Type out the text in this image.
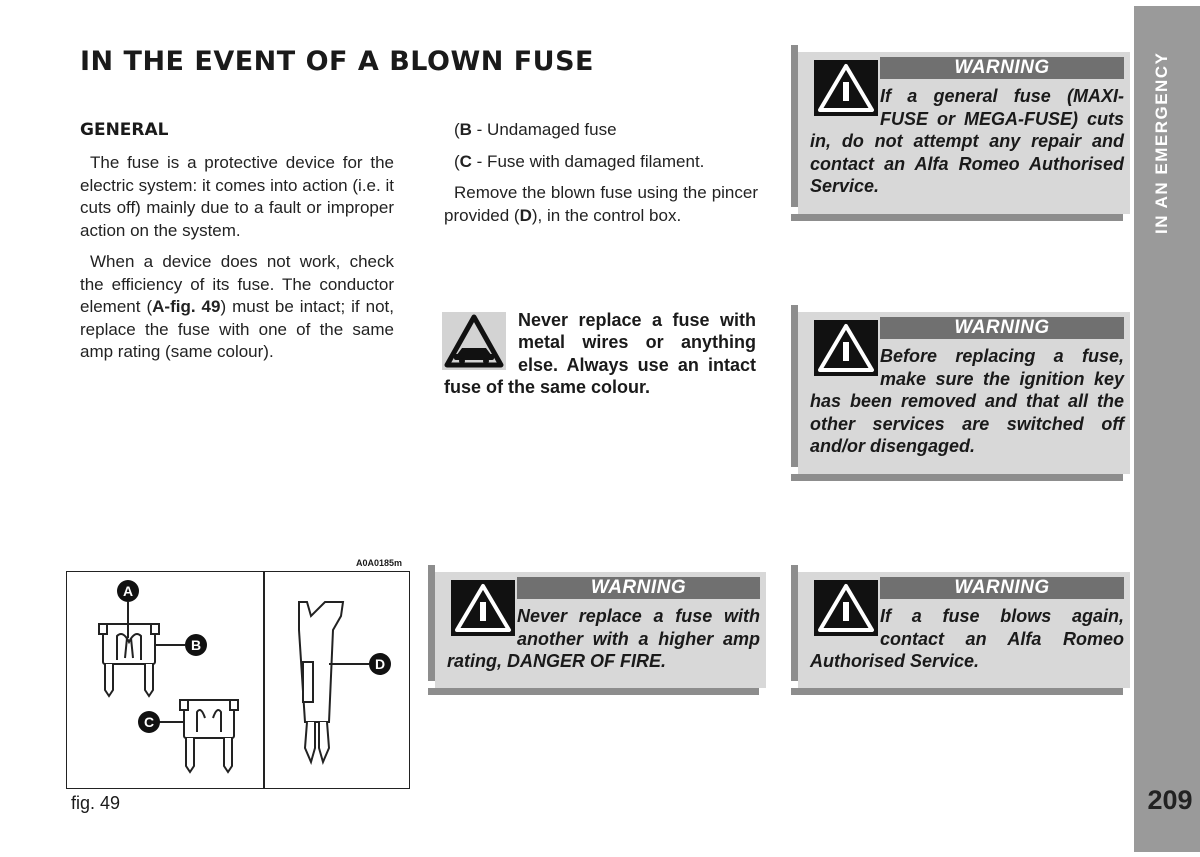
IN AN EMERGENCY
209
IN THE EVENT OF A BLOWN FUSE
GENERAL

The fuse is a protective device for the electric system: it comes into action (i.e. it cuts off) mainly due to a fault or improper action on the system.

When a device does not work, check the efficiency of its fuse. The conductor element (A-fig. 49) must be intact; if not, replace the fuse with one of the same amp rating (same colour).

(B - Undamaged fuse

(C - Fuse with damaged filament.

Remove the blown fuse using the pincer provided (D), in the control box.

Never replace a fuse with metal wires or anything else. Always use an intact fuse of the same colour.
WARNING
If a general fuse (MAXI-FUSE or MEGA-FUSE) cuts in, do not attempt any repair and contact an Alfa Romeo Authorised Service.
WARNING
Before replacing a fuse, make sure the ignition key has been removed and that all the other services are switched off and/or disengaged.
WARNING
Never replace a fuse with another with a higher amp rating, DANGER OF FIRE.
WARNING
If a fuse blows again, contact an Alfa Romeo Authorised Service.
A0A0185m
A
B
C
D
fig. 49
